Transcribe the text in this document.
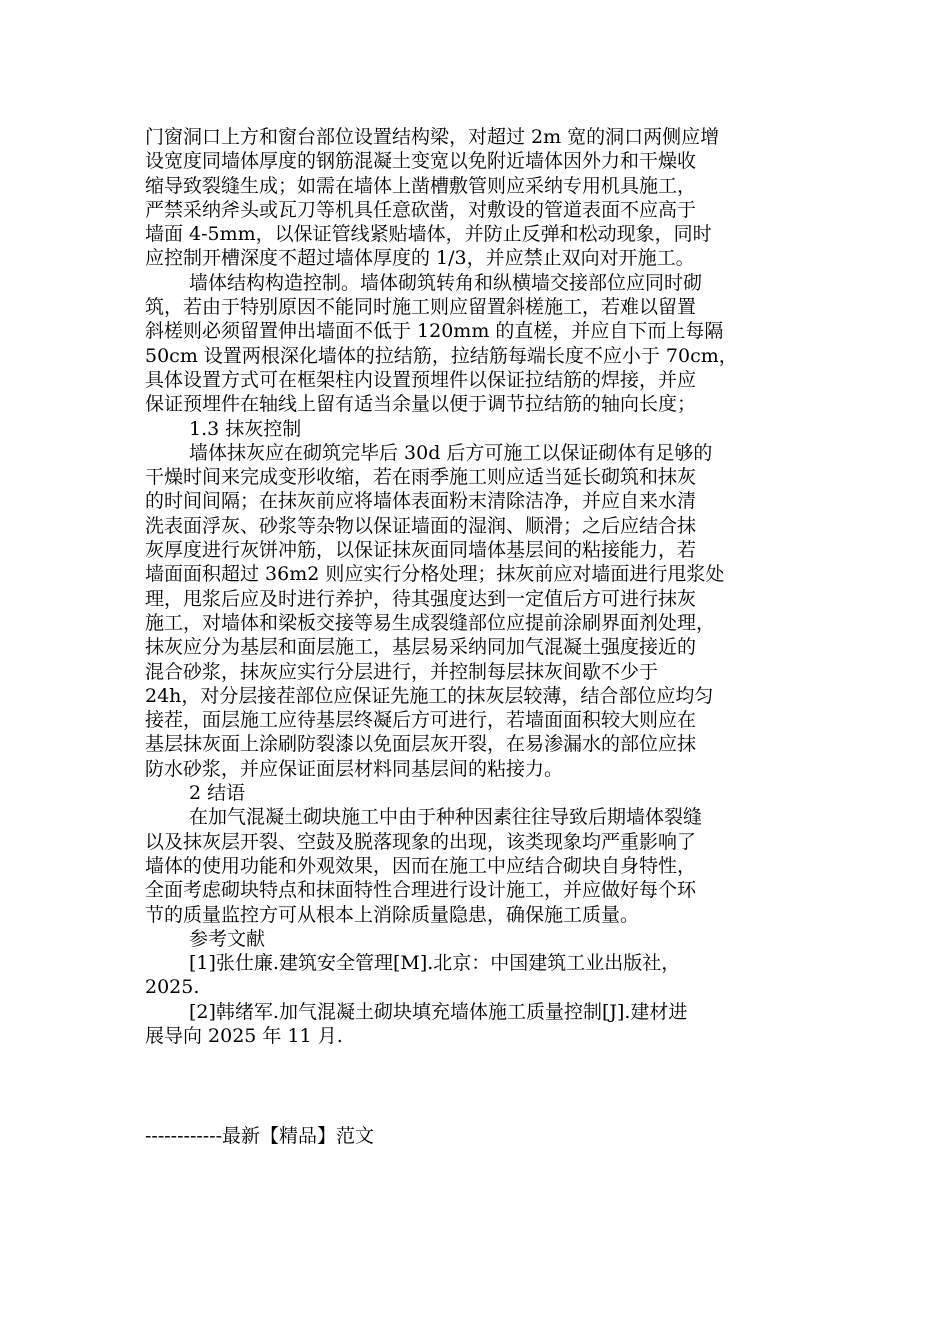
门窗洞口上方和窗台部位设置结构梁，对超过 2m 宽的洞口两侧应增
设宽度同墙体厚度的钢筋混凝土变宽以免附近墙体因外力和干燥收
缩导致裂缝生成；如需在墙体上凿槽敷管则应采纳专用机具施工，
严禁采纳斧头或瓦刀等机具任意砍凿，对敷设的管道表面不应高于
墙面 4-5mm，以保证管线紧贴墙体，并防止反弹和松动现象，同时
应控制开槽深度不超过墙体厚度的 1/3，并应禁止双向对开施工。
墙体结构构造控制。墙体砌筑转角和纵横墙交接部位应同时砌
筑，若由于特别原因不能同时施工则应留置斜槎施工，若难以留置
斜槎则必须留置伸出墙面不低于 120mm 的直槎，并应自下而上每隔
50cm 设置两根深化墙体的拉结筋，拉结筋每端长度不应小于 70cm，
具体设置方式可在框架柱内设置预埋件以保证拉结筋的焊接，并应
保证预埋件在轴线上留有适当余量以便于调节拉结筋的轴向长度；
1.3 抹灰控制
墙体抹灰应在砌筑完毕后 30d 后方可施工以保证砌体有足够的
干燥时间来完成变形收缩，若在雨季施工则应适当延长砌筑和抹灰
的时间间隔；在抹灰前应将墙体表面粉末清除洁净，并应自来水清
洗表面浮灰、砂浆等杂物以保证墙面的湿润、顺滑；之后应结合抹
灰厚度进行灰饼冲筋，以保证抹灰面同墙体基层间的粘接能力，若
墙面面积超过 36m2 则应实行分格处理；抹灰前应对墙面进行甩浆处
理，甩浆后应及时进行养护，待其强度达到一定值后方可进行抹灰
施工，对墙体和梁板交接等易生成裂缝部位应提前涂刷界面剂处理，
抹灰应分为基层和面层施工，基层易采纳同加气混凝土强度接近的
混合砂浆，抹灰应实行分层进行，并控制每层抹灰间歇不少于
24h，对分层接茬部位应保证先施工的抹灰层较薄，结合部位应均匀
接茬，面层施工应待基层终凝后方可进行，若墙面面积较大则应在
基层抹灰面上涂刷防裂漆以免面层灰开裂，在易渗漏水的部位应抹
防水砂浆，并应保证面层材料同基层间的粘接力。
2 结语
在加气混凝土砌块施工中由于种种因素往往导致后期墙体裂缝
以及抹灰层开裂、空鼓及脱落现象的出现，该类现象均严重影响了
墙体的使用功能和外观效果，因而在施工中应结合砌块自身特性，
全面考虑砌块特点和抹面特性合理进行设计施工，并应做好每个环
节的质量监控方可从根本上消除质量隐患，确保施工质量。
参考文献
[1]张仕廉.建筑安全管理[M].北京：中国建筑工业出版社，
2025.
[2]韩绪军.加气混凝土砌块填充墙体施工质量控制[J].建材进
展导向 2025 年 11 月.
------------最新【精品】范文
